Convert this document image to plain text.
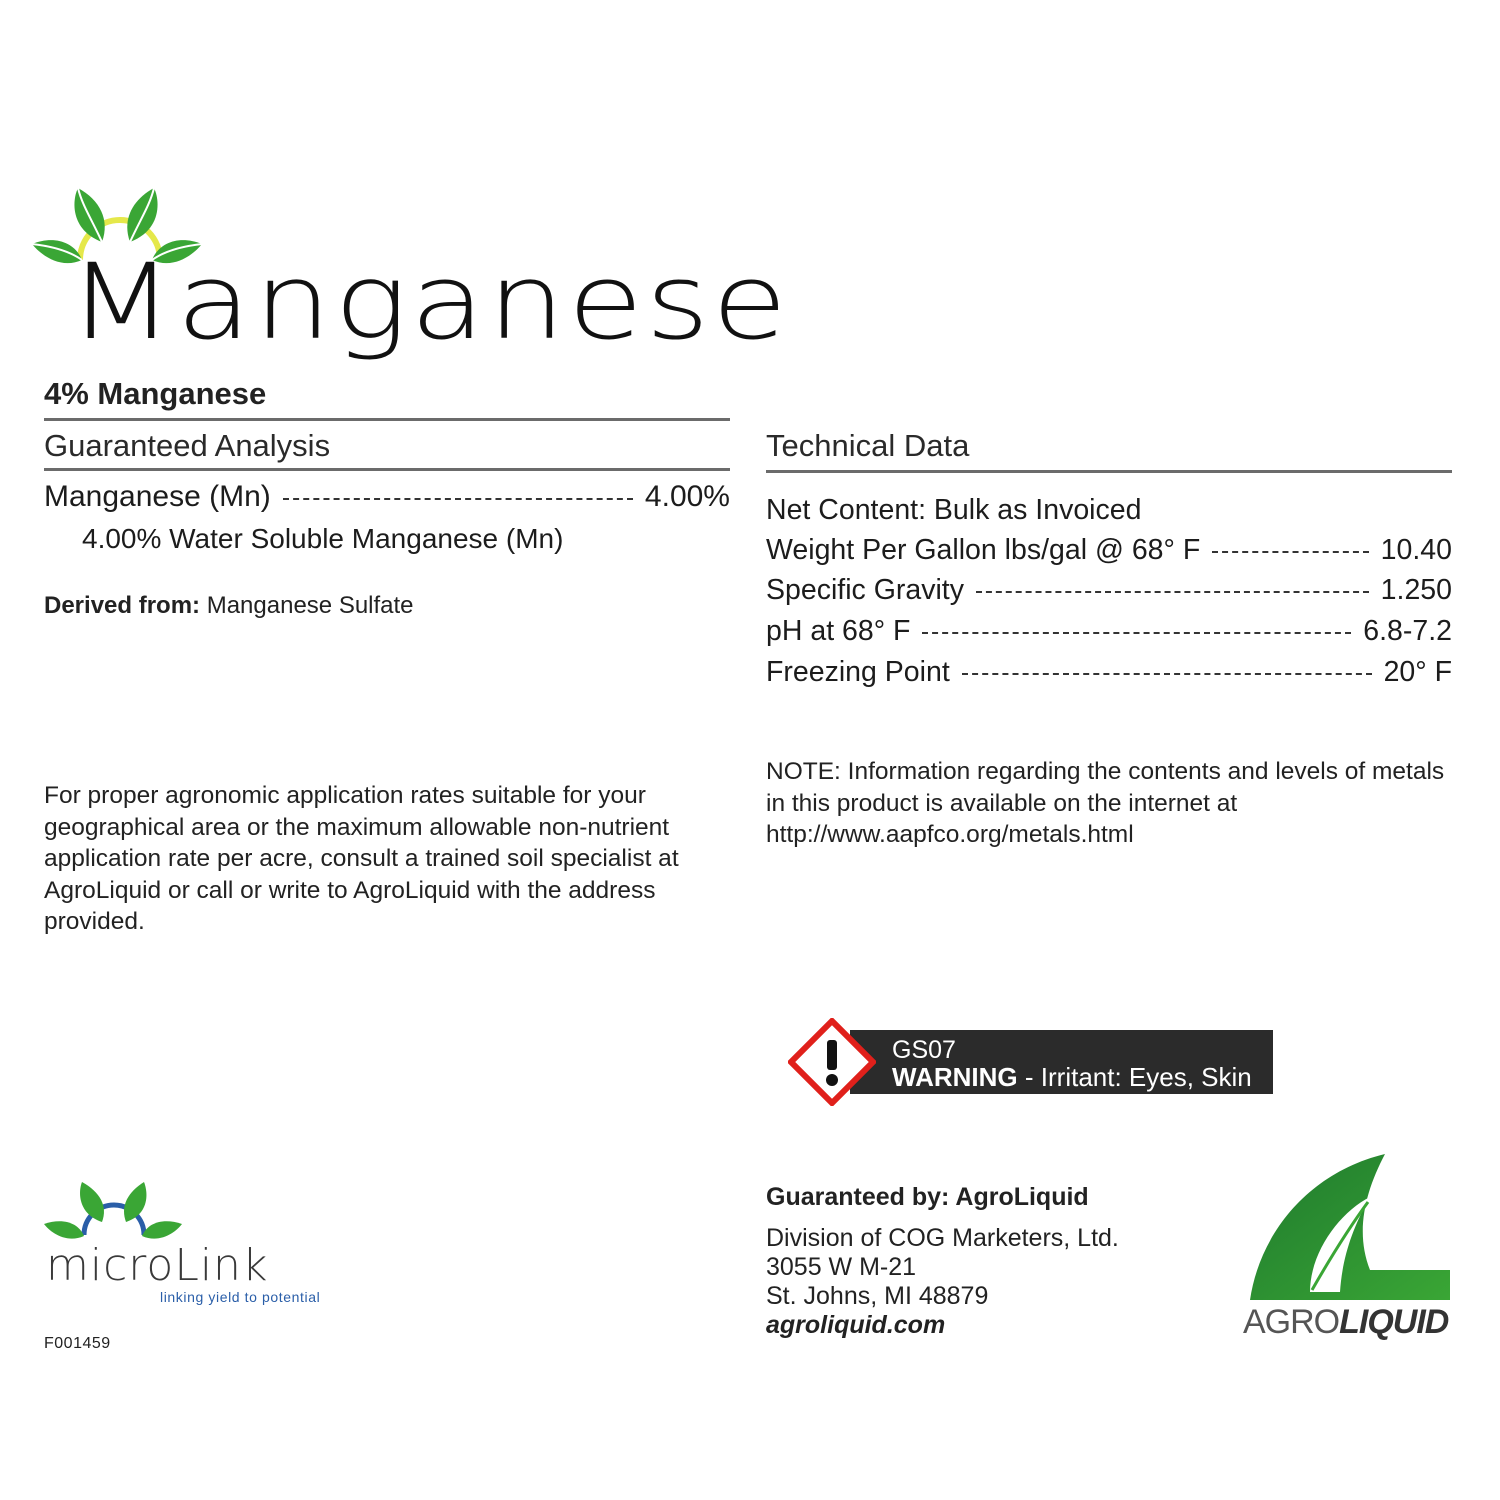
Manganese
4% Manganese
Guaranteed Analysis
Manganese (Mn)	4.00%
4.00% Water Soluble Manganese (Mn)
Derived from: Manganese Sulfate
Technical Data
Net Content: Bulk as Invoiced
Weight Per Gallon lbs/gal @ 68° F	10.40
Specific Gravity	1.250
pH at 68° F	6.8-7.2
Freezing Point	20° F
For proper agronomic application rates suitable for your geographical area or the maximum allowable non-nutrient application rate per acre, consult a trained soil specialist at AgroLiquid or call or write to AgroLiquid with the address provided.
NOTE: Information regarding the contents and levels of metals in this product is available on the internet at http://www.aapfco.org/metals.html
GS07
WARNING - Irritant: Eyes, Skin
Guaranteed by: AgroLiquid
Division of COG Marketers, Ltd.
3055 W M-21
St. Johns, MI 48879
agroliquid.com
microLink
linking yield to potential
F001459
AGROLIQUID
